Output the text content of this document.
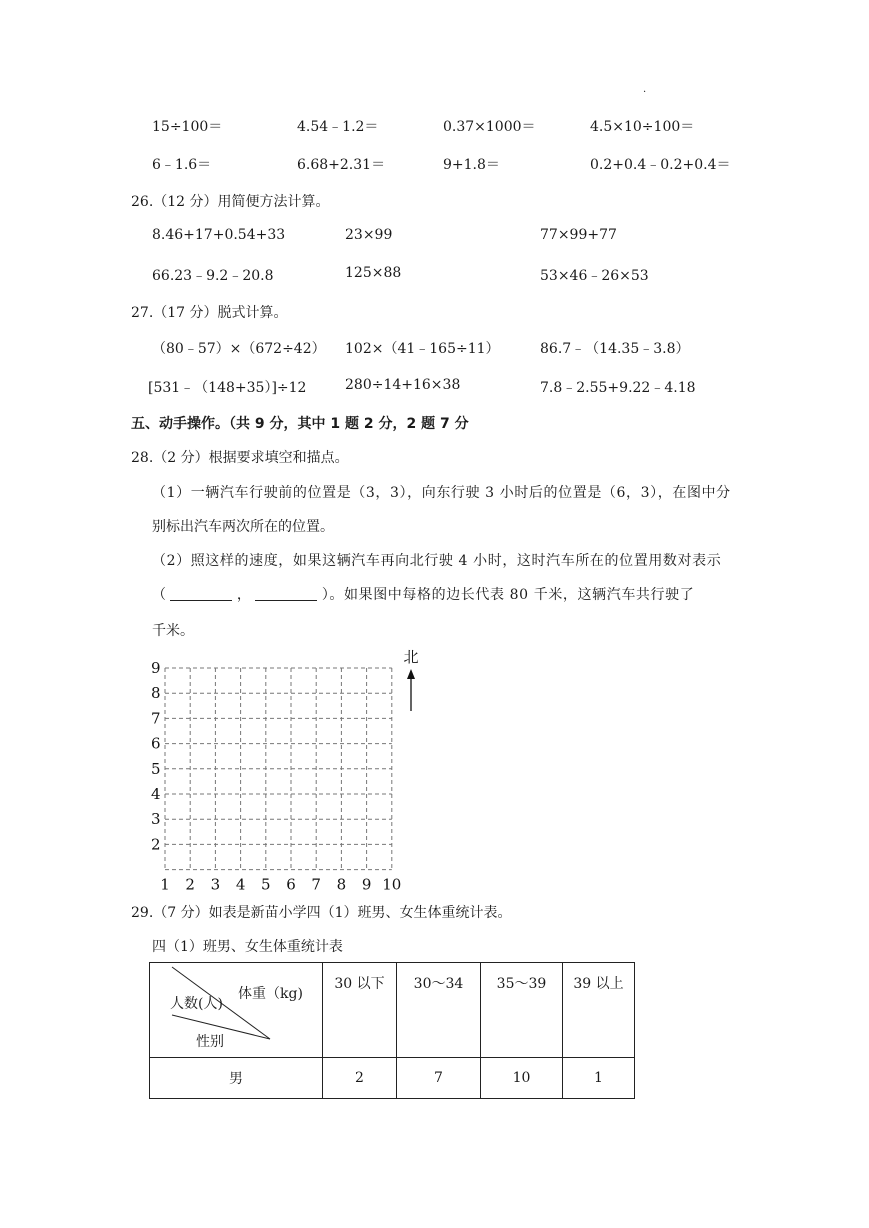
.
15÷100＝	4.54﹣1.2＝	0.37×1000＝	4.5×10÷100＝
6﹣1.6＝	6.68+2.31＝	9+1.8＝	0.2+0.4﹣0.2+0.4＝
26.（12 分）用简便方法计算。
8.46+17+0.54+33	23×99	77×99+77
66.23﹣9.2﹣20.8	125×88	53×46﹣26×53
27.（17 分）脱式计算。
（80﹣57）×（672÷42） 102×（41﹣165÷11）	86.7﹣（14.35﹣3.8）
[531﹣（148+35）]÷12	280÷14+16×38	7.8﹣2.55+9.22﹣4.18
五、动手操作。（共 9 分，其中 1 题 2 分，2 题 7 分
28.（2 分）根据要求填空和描点。
（1）一辆汽车行驶前的位置是（3，3），向东行驶 3 小时后的位置是（6，3），在图中分
别标出汽车两次所在的位置。
（2）照这样的速度，如果这辆汽车再向北行驶 4 小时，这时汽车所在的位置用数对表示
（	，	）。如果图中每格的边长代表 80 千米，这辆汽车共行驶了
千米。
1 2 3 4 5 6 7 8 9 10
9
8
7
6
5
4
3
2
北
29.（7 分）如表是新苗小学四（1）班男、女生体重统计表。
四（1）班男、女生体重统计表
体重（kg)
人数(人)
性别	30 以下	30～34	35～39	39 以上
男	2	7	10	1
